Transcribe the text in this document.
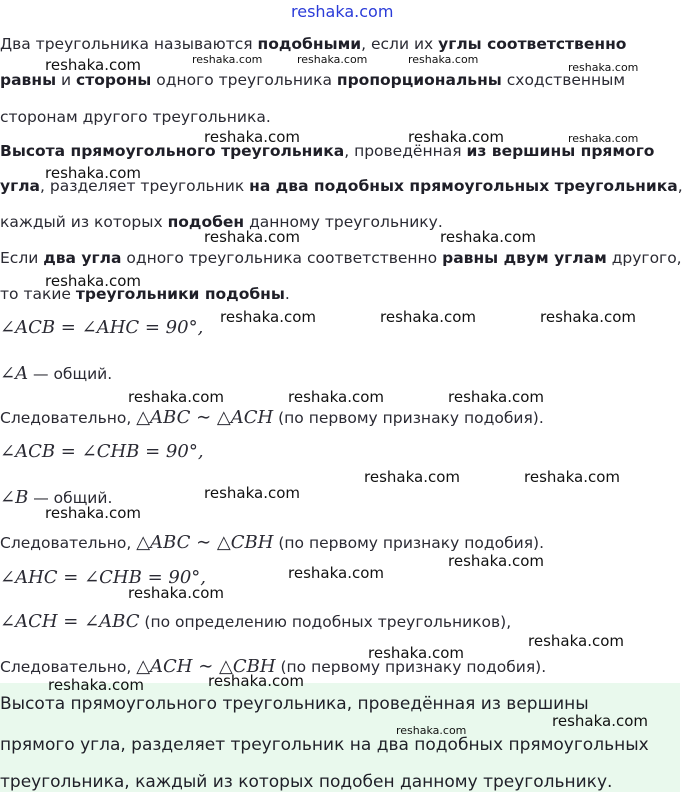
reshaka.com
Два треугольника называются подобными, если их углы соответственно
равны и стороны одного треугольника пропорциональны сходственным
сторонам другого треугольника.
Высота прямоугольного треугольника, проведённая из вершины прямого
угла, разделяет треугольник на два подобных прямоугольных треугольника,
каждый из которых подобен данному треугольнику.
Если два угла одного треугольника соответственно равны двум углам другого,
то такие треугольники подобны.
∠ACB = ∠AHC = 90°,
∠A — общий.
Следовательно, △ABC ∼ △ACH (по первому признаку подобия).
∠ACB = ∠CHB = 90°,
∠B — общий.
Следовательно, △ABC ∼ △CBH (по первому признаку подобия).
∠AHC = ∠CHB = 90°,
∠ACH = ∠ABC (по определению подобных треугольников),
Следовательно, △ACH ∼ △CBH (по первому признаку подобия).
Высота прямоугольного треугольника, проведённая из вершины
прямого угла, разделяет треугольник на два подобных прямоугольных
треугольника, каждый из которых подобен данному треугольнику.
reshaka.com	reshaka.com	reshaka.com	reshaka.com
reshaka.com
reshaka.com	reshaka.com	reshaka.com
reshaka.com
reshaka.com	reshaka.com
reshaka.com
reshaka.com	reshaka.com	reshaka.com
reshaka.com	reshaka.com	reshaka.com
reshaka.com	reshaka.com
reshaka.com
reshaka.com
reshaka.com
reshaka.com
reshaka.com
reshaka.com
reshaka.com
reshaka.com
reshaka.com
reshaka.com
reshaka.com
